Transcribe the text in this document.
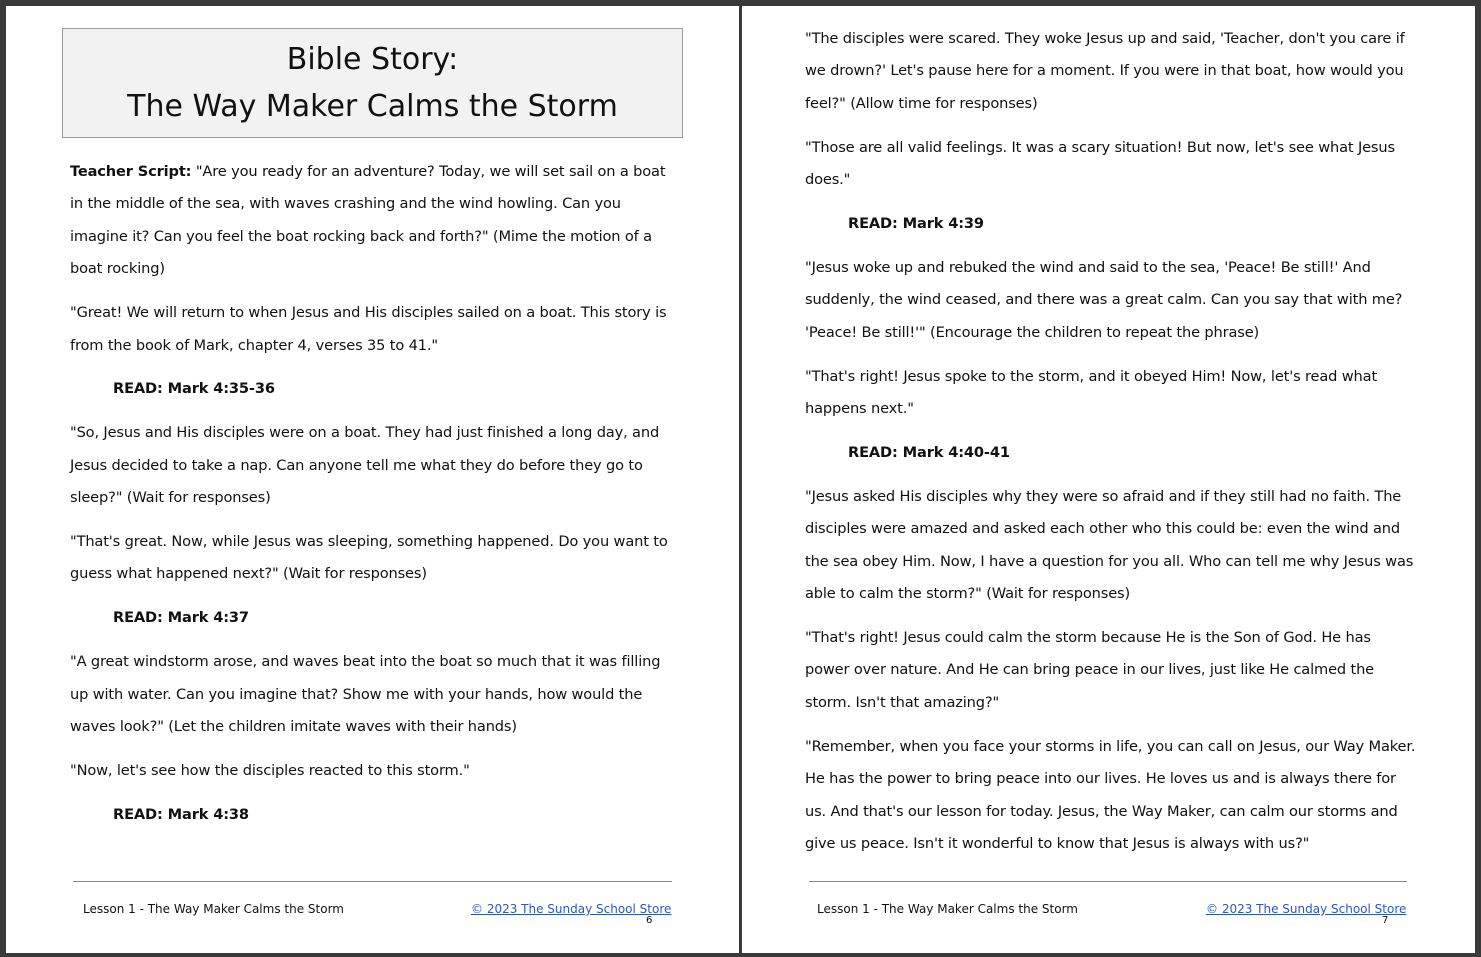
Bible Story:
The Way Maker Calms the Storm

Teacher Script: "Are you ready for an adventure? Today, we will set sail on a boat in the middle of the sea, with waves crashing and the wind howling. Can you imagine it? Can you feel the boat rocking back and forth?" (Mime the motion of a boat rocking)

"Great! We will return to when Jesus and His disciples sailed on a boat. This story is from the book of Mark, chapter 4, verses 35 to 41."

READ: Mark 4:35-36

"So, Jesus and His disciples were on a boat. They had just finished a long day, and Jesus decided to take a nap. Can anyone tell me what they do before they go to sleep?" (Wait for responses)

"That's great. Now, while Jesus was sleeping, something happened. Do you want to guess what happened next?" (Wait for responses)

READ: Mark 4:37

"A great windstorm arose, and waves beat into the boat so much that it was filling up with water. Can you imagine that? Show me with your hands, how would the waves look?" (Let the children imitate waves with their hands)

"Now, let's see how the disciples reacted to this storm."

READ: Mark 4:38

Lesson 1 - The Way Maker Calms the Storm	© 2023 The Sunday School Store
6

"The disciples were scared. They woke Jesus up and said, 'Teacher, don't you care if we drown?' Let's pause here for a moment. If you were in that boat, how would you feel?" (Allow time for responses)

"Those are all valid feelings. It was a scary situation! But now, let's see what Jesus does."

READ: Mark 4:39

"Jesus woke up and rebuked the wind and said to the sea, 'Peace! Be still!' And suddenly, the wind ceased, and there was a great calm. Can you say that with me? 'Peace! Be still!'" (Encourage the children to repeat the phrase)

"That's right! Jesus spoke to the storm, and it obeyed Him! Now, let's read what happens next."

READ: Mark 4:40-41

"Jesus asked His disciples why they were so afraid and if they still had no faith. The disciples were amazed and asked each other who this could be: even the wind and the sea obey Him. Now, I have a question for you all. Who can tell me why Jesus was able to calm the storm?" (Wait for responses)

"That's right! Jesus could calm the storm because He is the Son of God. He has power over nature. And He can bring peace in our lives, just like He calmed the storm. Isn't that amazing?"

"Remember, when you face your storms in life, you can call on Jesus, our Way Maker. He has the power to bring peace into our lives. He loves us and is always there for us. And that's our lesson for today. Jesus, the Way Maker, can calm our storms and give us peace. Isn't it wonderful to know that Jesus is always with us?"

Lesson 1 - The Way Maker Calms the Storm	© 2023 The Sunday School Store
7
